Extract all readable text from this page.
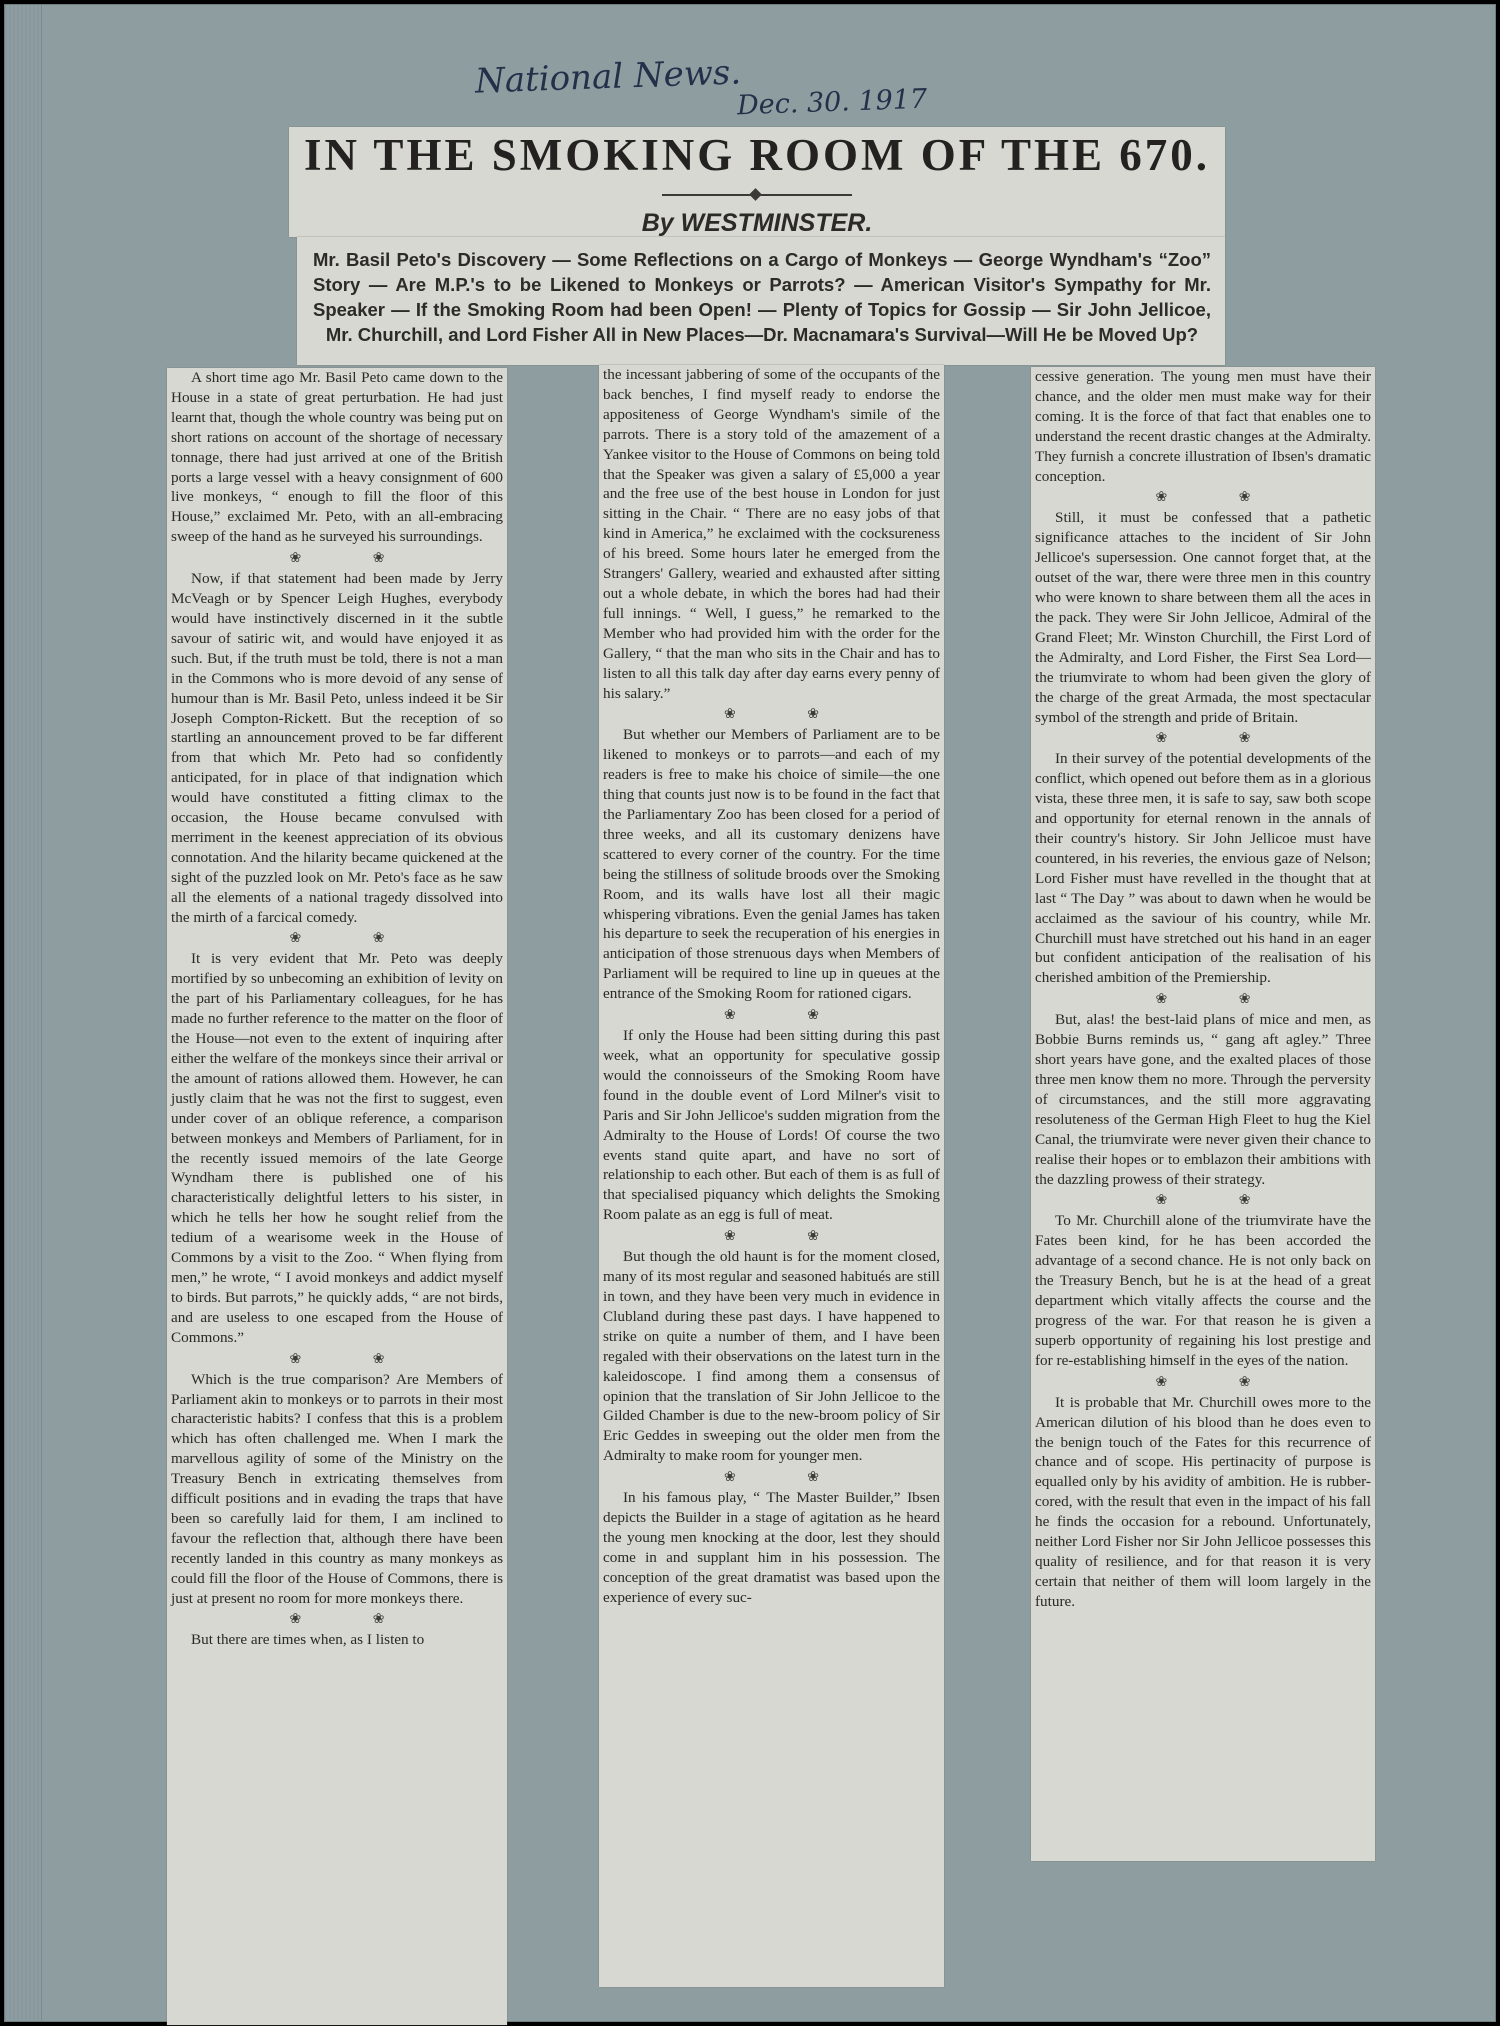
National News.
Dec. 30. 1917
IN THE SMOKING ROOM OF THE 670.
By WESTMINSTER.
Mr. Basil Peto's Discovery — Some Reflections on a Cargo of Monkeys — George Wyndham's “Zoo” Story — Are M.P.'s to be Likened to Monkeys or Parrots? — American Visitor's Sympathy for Mr. Speaker — If the Smoking Room had been Open! — Plenty of Topics for Gossip — Sir John Jellicoe, Mr. Churchill, and Lord Fisher All in New Places—Dr. Macnamara's Survival—Will He be Moved Up?

A short time ago Mr. Basil Peto came down to the House in a state of great perturbation. He had just learnt that, though the whole country was being put on short rations on account of the shortage of necessary tonnage, there had just arrived at one of the British ports a large vessel with a heavy consignment of 600 live monkeys, “ enough to fill the floor of this House,” exclaimed Mr. Peto, with an all-embracing sweep of the hand as he surveyed his surroundings.

❀ ❀

Now, if that statement had been made by Jerry McVeagh or by Spencer Leigh Hughes, everybody would have instinctively discerned in it the subtle savour of satiric wit, and would have enjoyed it as such. But, if the truth must be told, there is not a man in the Commons who is more devoid of any sense of humour than is Mr. Basil Peto, unless indeed it be Sir Joseph Compton-Rickett. But the reception of so startling an announcement proved to be far different from that which Mr. Peto had so confidently anticipated, for in place of that indignation which would have constituted a fitting climax to the occasion, the House became convulsed with merriment in the keenest appreciation of its obvious connotation. And the hilarity became quickened at the sight of the puzzled look on Mr. Peto's face as he saw all the elements of a national tragedy dissolved into the mirth of a farcical comedy.

❀ ❀

It is very evident that Mr. Peto was deeply mortified by so unbecoming an exhibition of levity on the part of his Parliamentary colleagues, for he has made no further reference to the matter on the floor of the House—not even to the extent of inquiring after either the welfare of the monkeys since their arrival or the amount of rations allowed them. However, he can justly claim that he was not the first to suggest, even under cover of an oblique reference, a comparison between monkeys and Members of Parliament, for in the recently issued memoirs of the late George Wyndham there is published one of his characteristically delightful letters to his sister, in which he tells her how he sought relief from the tedium of a wearisome week in the House of Commons by a visit to the Zoo. “ When flying from men,” he wrote, “ I avoid monkeys and addict myself to birds. But parrots,” he quickly adds, “ are not birds, and are useless to one escaped from the House of Commons.”

❀ ❀

Which is the true comparison? Are Members of Parliament akin to monkeys or to parrots in their most characteristic habits? I confess that this is a problem which has often challenged me. When I mark the marvellous agility of some of the Ministry on the Treasury Bench in extricating themselves from difficult positions and in evading the traps that have been so carefully laid for them, I am inclined to favour the reflection that, although there have been recently landed in this country as many monkeys as could fill the floor of the House of Commons, there is just at present no room for more monkeys there.

❀ ❀

But there are times when, as I listen to

the incessant jabbering of some of the occupants of the back benches, I find myself ready to endorse the appositeness of George Wyndham's simile of the parrots. There is a story told of the amazement of a Yankee visitor to the House of Commons on being told that the Speaker was given a salary of £5,000 a year and the free use of the best house in London for just sitting in the Chair. “ There are no easy jobs of that kind in America,” he exclaimed with the cocksureness of his breed. Some hours later he emerged from the Strangers' Gallery, wearied and exhausted after sitting out a whole debate, in which the bores had had their full innings. “ Well, I guess,” he remarked to the Member who had provided him with the order for the Gallery, “ that the man who sits in the Chair and has to listen to all this talk day after day earns every penny of his salary.”

❀ ❀

But whether our Members of Parliament are to be likened to monkeys or to parrots—and each of my readers is free to make his choice of simile—the one thing that counts just now is to be found in the fact that the Parliamentary Zoo has been closed for a period of three weeks, and all its customary denizens have scattered to every corner of the country. For the time being the stillness of solitude broods over the Smoking Room, and its walls have lost all their magic whispering vibrations. Even the genial James has taken his departure to seek the recuperation of his energies in anticipation of those strenuous days when Members of Parliament will be required to line up in queues at the entrance of the Smoking Room for rationed cigars.

❀ ❀

If only the House had been sitting during this past week, what an opportunity for speculative gossip would the connoisseurs of the Smoking Room have found in the double event of Lord Milner's visit to Paris and Sir John Jellicoe's sudden migration from the Admiralty to the House of Lords! Of course the two events stand quite apart, and have no sort of relationship to each other. But each of them is as full of that specialised piquancy which delights the Smoking Room palate as an egg is full of meat.

❀ ❀

But though the old haunt is for the moment closed, many of its most regular and seasoned habitués are still in town, and they have been very much in evidence in Clubland during these past days. I have happened to strike on quite a number of them, and I have been regaled with their observations on the latest turn in the kaleidoscope. I find among them a consensus of opinion that the translation of Sir John Jellicoe to the Gilded Chamber is due to the new-broom policy of Sir Eric Geddes in sweeping out the older men from the Admiralty to make room for younger men.

❀ ❀

In his famous play, “ The Master Builder,” Ibsen depicts the Builder in a stage of agitation as he heard the young men knocking at the door, lest they should come in and supplant him in his possession. The conception of the great dramatist was based upon the experience of every suc-

cessive generation. The young men must have their chance, and the older men must make way for their coming. It is the force of that fact that enables one to understand the recent drastic changes at the Admiralty. They furnish a concrete illustration of Ibsen's dramatic conception.

❀ ❀

Still, it must be confessed that a pathetic significance attaches to the incident of Sir John Jellicoe's supersession. One cannot forget that, at the outset of the war, there were three men in this country who were known to share between them all the aces in the pack. They were Sir John Jellicoe, Admiral of the Grand Fleet; Mr. Winston Churchill, the First Lord of the Admiralty, and Lord Fisher, the First Sea Lord—the triumvirate to whom had been given the glory of the charge of the great Armada, the most spectacular symbol of the strength and pride of Britain.

❀ ❀

In their survey of the potential developments of the conflict, which opened out before them as in a glorious vista, these three men, it is safe to say, saw both scope and opportunity for eternal renown in the annals of their country's history. Sir John Jellicoe must have countered, in his reveries, the envious gaze of Nelson; Lord Fisher must have revelled in the thought that at last “ The Day ” was about to dawn when he would be acclaimed as the saviour of his country, while Mr. Churchill must have stretched out his hand in an eager but confident anticipation of the realisation of his cherished ambition of the Premiership.

❀ ❀

But, alas! the best-laid plans of mice and men, as Bobbie Burns reminds us, “ gang aft agley.” Three short years have gone, and the exalted places of those three men know them no more. Through the perversity of circumstances, and the still more aggravating resoluteness of the German High Fleet to hug the Kiel Canal, the triumvirate were never given their chance to realise their hopes or to emblazon their ambitions with the dazzling prowess of their strategy.

❀ ❀

To Mr. Churchill alone of the triumvirate have the Fates been kind, for he has been accorded the advantage of a second chance. He is not only back on the Treasury Bench, but he is at the head of a great department which vitally affects the course and the progress of the war. For that reason he is given a superb opportunity of regaining his lost prestige and for re-establishing himself in the eyes of the nation.

❀ ❀

It is probable that Mr. Churchill owes more to the American dilution of his blood than he does even to the benign touch of the Fates for this recurrence of chance and of scope. His pertinacity of purpose is equalled only by his avidity of ambition. He is rubber-cored, with the result that even in the impact of his fall he finds the occasion for a rebound. Unfortunately, neither Lord Fisher nor Sir John Jellicoe possesses this quality of resilience, and for that reason it is very certain that neither of them will loom largely in the future.
